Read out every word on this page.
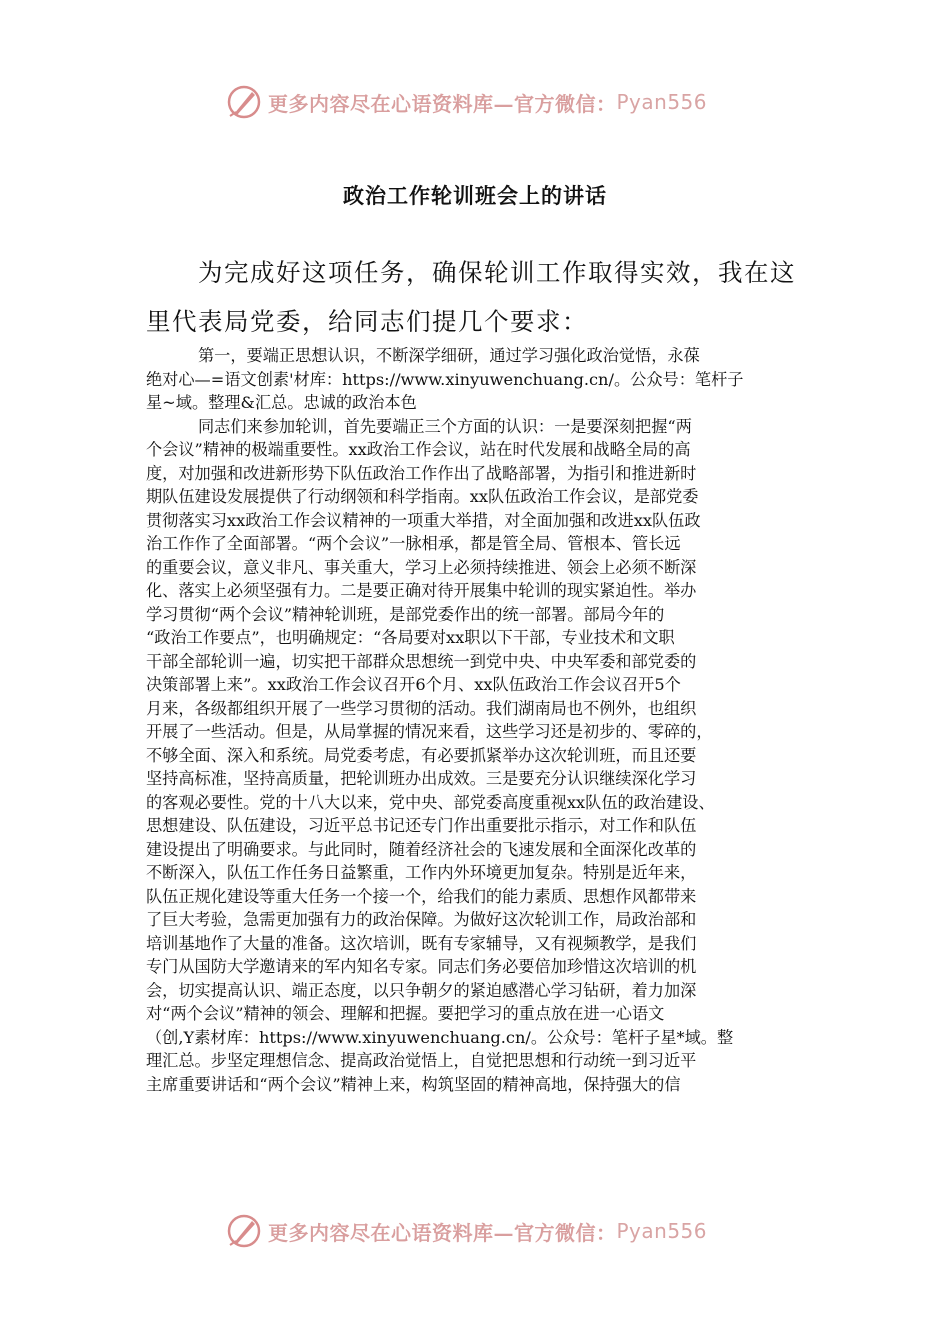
更多内容尽在心语资料库—官方微信： Pyan556
政治工作轮训班会上的讲话
为完成好这项任务，确保轮训工作取得实效，我在这
里代表局党委，给同志们提几个要求：
第一，要端正思想认识，不断深学细研，通过学习强化政治觉悟，永葆
绝对心—=语文创素'材库：https://www.xinyuwenchuang.cn/。公众号：笔杆子
星~域。整理&汇总。忠诚的政治本色
同志们来参加轮训，首先要端正三个方面的认识：一是要深刻把握“两
个会议”精神的极端重要性。xx政治工作会议，站在时代发展和战略全局的高
度，对加强和改进新形势下队伍政治工作作出了战略部署，为指引和推进新时
期队伍建设发展提供了行动纲领和科学指南。xx队伍政治工作会议，是部党委
贯彻落实习xx政治工作会议精神的一项重大举措，对全面加强和改进xx队伍政
治工作作了全面部署。“两个会议”一脉相承，都是管全局、管根本、管长远
的重要会议，意义非凡、事关重大，学习上必须持续推进、领会上必须不断深
化、落实上必须坚强有力。二是要正确对待开展集中轮训的现实紧迫性。举办
学习贯彻“两个会议”精神轮训班，是部党委作出的统一部署。部局今年的
“政治工作要点”，也明确规定：“各局要对xx职以下干部，专业技术和文职
干部全部轮训一遍，切实把干部群众思想统一到党中央、中央军委和部党委的
决策部署上来”。xx政治工作会议召开6个月、xx队伍政治工作会议召开5个
月来，各级都组织开展了一些学习贯彻的活动。我们湖南局也不例外，也组织
开展了一些活动。但是，从局掌握的情况来看，这些学习还是初步的、零碎的，
不够全面、深入和系统。局党委考虑，有必要抓紧举办这次轮训班，而且还要
坚持高标准，坚持高质量，把轮训班办出成效。三是要充分认识继续深化学习
的客观必要性。党的十八大以来，党中央、部党委高度重视xx队伍的政治建设、
思想建设、队伍建设，习近平总书记还专门作出重要批示指示，对工作和队伍
建设提出了明确要求。与此同时，随着经济社会的飞速发展和全面深化改革的
不断深入，队伍工作任务日益繁重，工作内外环境更加复杂。特别是近年来，
队伍正规化建设等重大任务一个接一个，给我们的能力素质、思想作风都带来
了巨大考验，急需更加强有力的政治保障。为做好这次轮训工作，局政治部和
培训基地作了大量的准备。这次培训，既有专家辅导，又有视频教学，是我们
专门从国防大学邀请来的军内知名专家。同志们务必要倍加珍惜这次培训的机
会，切实提高认识、端正态度，以只争朝夕的紧迫感潜心学习钻研，着力加深
对“两个会议”精神的领会、理解和把握。要把学习的重点放在进一心语文
（创,Y素材库：https://www.xinyuwenchuang.cn/。公众号：笔杆子星*域。整
理汇总。步坚定理想信念、提高政治觉悟上，自觉把思想和行动统一到习近平
主席重要讲话和“两个会议”精神上来，构筑坚固的精神高地，保持强大的信
更多内容尽在心语资料库—官方微信： Pyan556
